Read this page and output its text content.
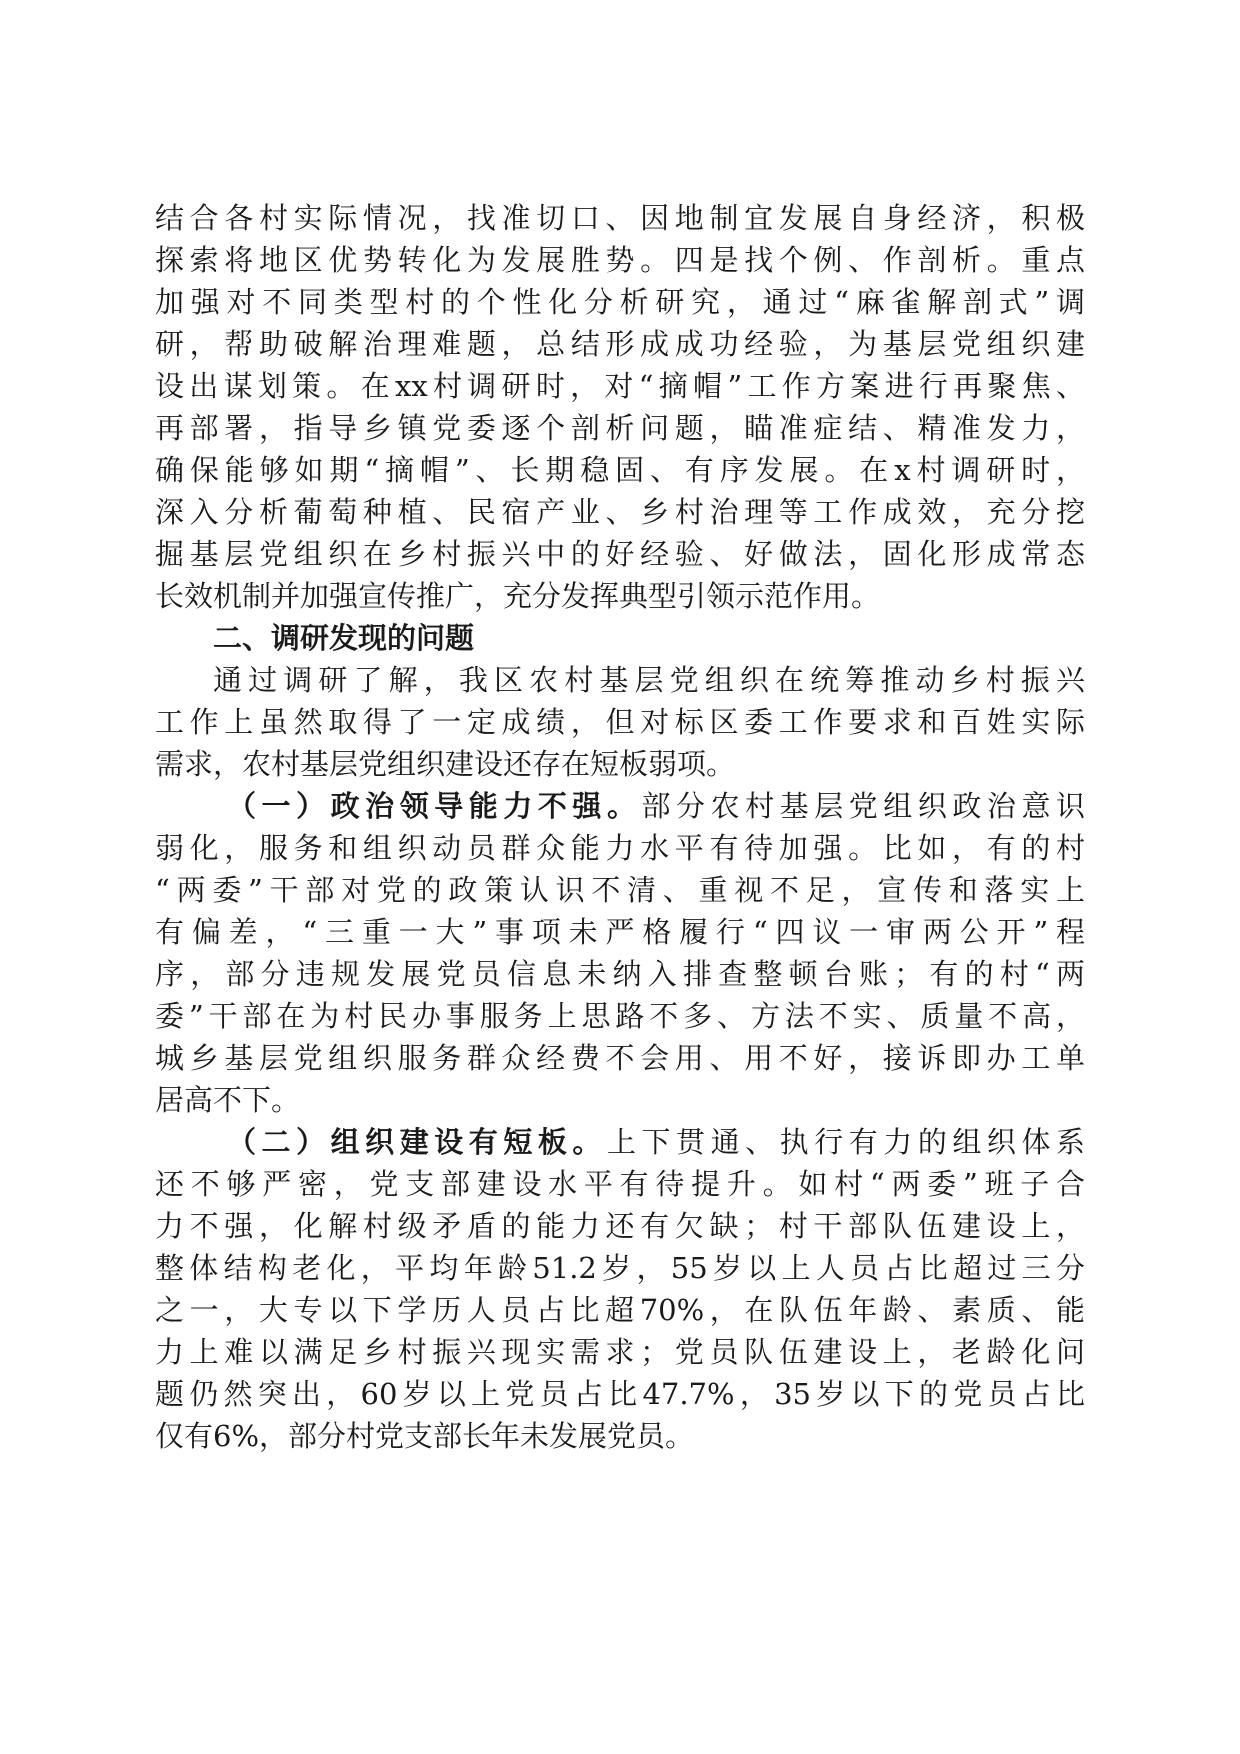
结合各村实际情况，找准切口、因地制宜发展自身经济，积极
探索将地区优势转化为发展胜势。四是找个例、作剖析。重点
加强对不同类型村的个性化分析研究，通过“麻雀解剖式”调
研，帮助破解治理难题，总结形成成功经验，为基层党组织建
设出谋划策。在xx村调研时，对“摘帽”工作方案进行再聚焦、
再部署，指导乡镇党委逐个剖析问题，瞄准症结、精准发力，
确保能够如期“摘帽”、长期稳固、有序发展。在x村调研时，
深入分析葡萄种植、民宿产业、乡村治理等工作成效，充分挖
掘基层党组织在乡村振兴中的好经验、好做法，固化形成常态
长效机制并加强宣传推广，充分发挥典型引领示范作用。
二、调研发现的问题
通过调研了解，我区农村基层党组织在统筹推动乡村振兴
工作上虽然取得了一定成绩，但对标区委工作要求和百姓实际
需求，农村基层党组织建设还存在短板弱项。
（一）政治领导能力不强。部分农村基层党组织政治意识
弱化，服务和组织动员群众能力水平有待加强。比如，有的村
“两委”干部对党的政策认识不清、重视不足，宣传和落实上
有偏差，“三重一大”事项未严格履行“四议一审两公开”程
序，部分违规发展党员信息未纳入排查整顿台账；有的村“两
委”干部在为村民办事服务上思路不多、方法不实、质量不高，
城乡基层党组织服务群众经费不会用、用不好，接诉即办工单
居高不下。
（二）组织建设有短板。上下贯通、执行有力的组织体系
还不够严密，党支部建设水平有待提升。如村“两委”班子合
力不强，化解村级矛盾的能力还有欠缺；村干部队伍建设上，
整体结构老化，平均年龄51.2岁，55岁以上人员占比超过三分
之一，大专以下学历人员占比超70%，在队伍年龄、素质、能
力上难以满足乡村振兴现实需求；党员队伍建设上，老龄化问
题仍然突出，60岁以上党员占比47.7%，35岁以下的党员占比
仅有6%，部分村党支部长年未发展党员。
